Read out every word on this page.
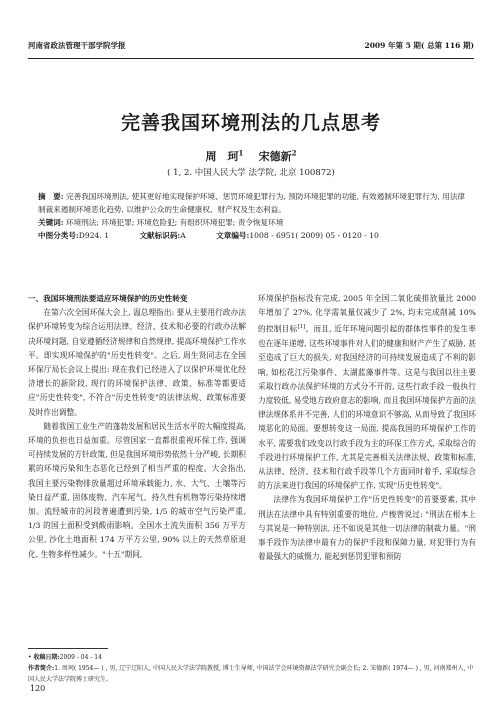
河南省政法管理干部学院学报	2009 年第 5 期( 总第 116 期)
完善我国环境刑法的几点思考
周　珂$^1$ 宋德新$^2$
( 1, 2. 中国人民大学 法学院, 北京 100872)

摘　要: 完善我国环境刑法, 使其更好地实现保护环境、惩罚环境犯罪行为, 预防环境犯罪的功能, 有效遏制环境犯罪行为, 用法律制裁来遏制环境恶化趋势, 以维护公众的生命健康权、财产权及生态利益。

关键词: 环境刑法; 环境犯罪; 环境危险犯; 有组织环境犯罪; 责令恢复环境

中图分类号:D924. 1	文献标识码:A	文章编号:1008 - 6951( 2009) 05 - 0120 - 10

一、我国环境刑法要适应环境保护的历史性转变

在第六次全国环保大会上, 温总理指出: 要从主要用行政办法保护环境转变为综合运用法律、经济、技术和必要的行政办法解决环境问题, 自觉遵循经济规律和自然规律, 提高环境保护工作水平。即实现环境保护的"历史性转变"。之后, 周生贤同志在全国环保厅局长会议上提出: 现在我们已经进入了以保护环境优化经济增长的新阶段, 现行的环境保护法律、政策、标准等都要适应"历史性转变", 不符合"历史性转变"的法律法规、政策标准要及时作出调整。

随着我国工业生产的蓬勃发展和居民生活水平的大幅度提高, 环境的负担也日益加重。尽管国家一直都很重视环保工作, 强调可持续发展的方针政策, 但是我国环境形势依然十分严峻, 长期积累的环境污染和生态恶化已经到了相当严重的程度。大会指出, 我国主要污染物排放量超过环境承载能力, 水、大气、土壤等污染日益严重, 固体废物、汽车尾气、持久性有机物等污染持续增加。流经城市的河段普遍遭到污染, 1/5 的城市空气污染严重, 1/3 的国土面积受到酸雨影响。全国水土流失面积 356 万平方公里, 沙化土地面积 174 万平方公里, 90% 以上的天然草原退化, 生物多样性减少。"十五"期间,

环境保护指标没有完成, 2005 年全国二氧化硫排放量比 2000 年增加了 27%, 化学需氧量仅减少了 2%, 均未完成削减 10% 的控制目标[1]。而且, 近年环境问题引起的群体性事件的发生率也在逐年递增, 这些环境事件对人们的健康和财产产生了威胁, 甚至造成了巨大的损失, 对我国经济的可持续发展造成了不利的影响, 如松花江污染事件、太湖蓝藻事件等。这是与我国以往主要采取行政办法保护环境的方式分不开的, 这些行政手段一般执行力度较低, 易受地方政府意志的影响, 而且我国环境保护方面的法律法规体系并不完善, 人们的环境意识不够高, 从而导致了我国环境恶化的局面。要想转变这一局面, 提高我国的环境保护工作的水平, 需要我们改变以行政手段为主的环保工作方式, 采取综合的手段进行环境保护工作, 尤其是完善相关法律法规、政策和标准, 从法律、经济、技术和行政手段等几个方面同时着手, 采取综合的方法来进行我国的环境保护工作, 实现"历史性转变"。

法律作为我国环境保护工作"历史性转变"的首要要素, 其中刑法在法律中具有特别重要的地位, 卢梭曾说过: "刑法在根本上与其说是一种特别法, 还不如说是其他一切法律的制裁力量。"刑事手段作为法律中最有力的保护手段和保障力量, 对犯罪行为有着最强大的威慑力, 能起到惩罚犯罪和预防

• 收稿日期:2009 - 04 - 14

作者简介:1. 周珂( 1954— ) , 男, 辽宁辽阳人, 中国人民大学法学院教授, 博士生导师, 中国法学会环境资源法学研究会副会长; 2. 宋德新( 1974— ) , 男, 河南郑州人, 中国人民大学法学院博士研究生。

120
